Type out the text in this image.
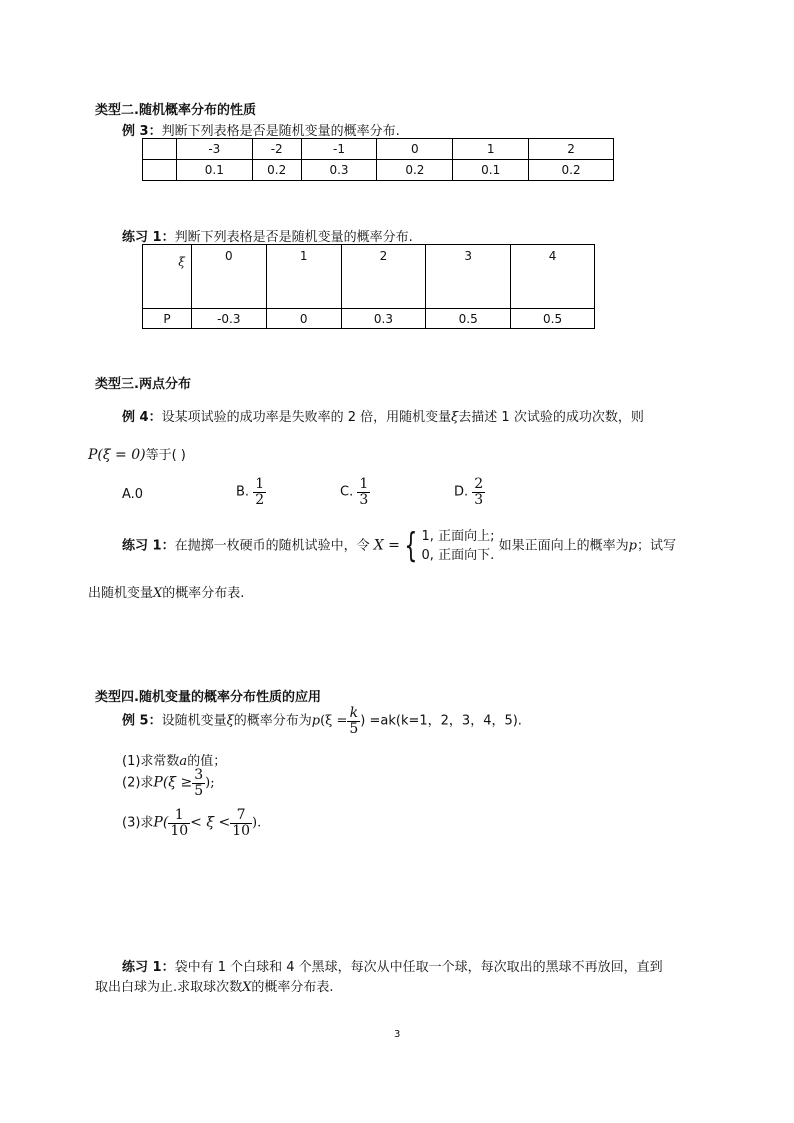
类型二.随机概率分布的性质
例 3：判断下列表格是否是随机变量的概率分布.
	-3	-2	-1	0	1	2
	0.1	0.2	0.3	0.2	0.1	0.2
练习 1：判断下列表格是否是随机变量的概率分布.
ξ	0	1	2	3	4
P	-0.3	0	0.3	0.5	0.5
类型三.两点分布
例 4：设某项试验的成功率是失败率的 2 倍，用随机变量ξ去描述 1 次试验的成功次数，则
P(ξ = 0)等于( )
A.0	B. $\frac{1}{2}$	C. $\frac{1}{3}$	D. $\frac{2}{3}$
练习 1：在抛掷一枚硬币的随机试验中，令 X = { 1, 正面向上;
0, 正面向下.
如果正面向上的概率为p；试写
出随机变量X的概率分布表.
类型四.随机变量的概率分布性质的应用
例 5：设随机变量ξ的概率分布为$p(\xi = \frac{k}{5}$ ) =ak(k=1，2，3，4，5).
(1)求常数a的值；
(2)求$P(\xi \ge \frac{3}{5}$ );
(3)求$P( \frac{1}{10} < \xi < \frac{7}{10}$ ).
练习 1：袋中有 1 个白球和 4 个黑球，每次从中任取一个球，每次取出的黑球不再放回，直到
取出白球为止.求取球次数X的概率分布表.
3
